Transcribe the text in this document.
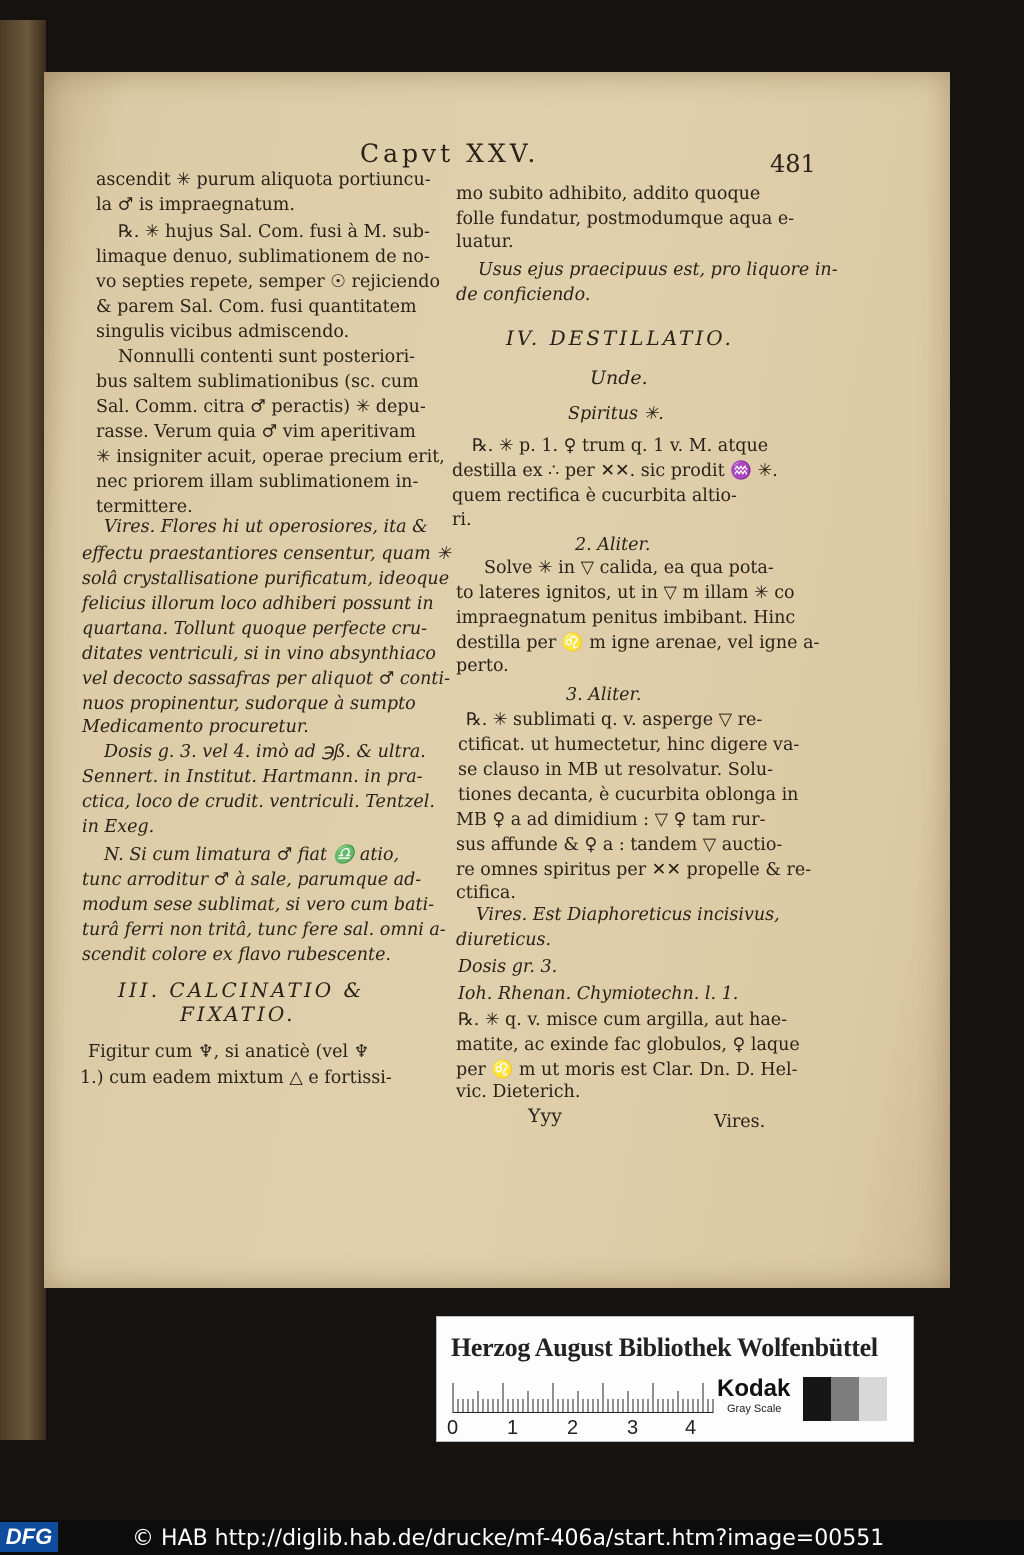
Capvt XXV.	481
ascendit ✳ purum aliquota portiuncu-
la ♂ is impraegnatum.
℞. ✳ hujus Sal. Com. fusi à M. sub-
limaque denuo, sublimationem de no-
vo septies repete, semper ☉ rejiciendo
& parem Sal. Com. fusi quantitatem
singulis vicibus admiscendo.
Nonnulli contenti sunt posteriori-
bus saltem sublimationibus (sc. cum
Sal. Comm. citra ♂ peractis) ✳ depu-
rasse. Verum quia ♂ vim aperitivam
✳ insigniter acuit, operae precium erit,
nec priorem illam sublimationem in-
termittere.
Vires. Flores hi ut operosiores, ita &
effectu praestantiores censentur, quam ✳
solâ crystallisatione purificatum, ideoque
felicius illorum loco adhiberi possunt in
quartana. Tollunt quoque perfecte cru-
ditates ventriculi, si in vino absynthiaco
vel decocto sassafras per aliquot ♂ conti-
nuos propinentur, sudorque à sumpto
Medicamento procuretur.
Dosis g. 3. vel 4. imò ad ℈ß. & ultra.
Sennert. in Institut. Hartmann. in pra-
ctica, loco de crudit. ventriculi. Tentzel.
in Exeg.
N. Si cum limatura ♂ fiat ♎ atio,
tunc arroditur ♂ à sale, parumque ad-
modum sese sublimat, si vero cum bati-
turâ ferri non tritâ, tunc fere sal. omni a-
scendit colore ex flavo rubescente.
III. CALCINATIO &
FIXATIO.
Figitur cum ♆, si anaticè (vel ♆
1.) cum eadem mixtum △ e fortissi-
mo subito adhibito, addito quoque
folle fundatur, postmodumque aqua e-
luatur.
Usus ejus praecipuus est, pro liquore in-
de conficiendo.
IV. DESTILLATIO.
Unde.
Spiritus ✳.
℞. ✳ p. 1. ♀ trum q. 1 v. M. atque
destilla ex ∴ per ✕✕. sic prodit ♒ ✳.
quem rectifica è cucurbita altio-
ri.
2. Aliter.
Solve ✳ in ▽ calida, ea qua pota-
to lateres ignitos, ut in ▽ m illam ✳ co
impraegnatum penitus imbibant. Hinc
destilla per ♌ m igne arenae, vel igne a-
perto.
3. Aliter.
℞. ✳ sublimati q. v. asperge ▽ re-
ctificat. ut humectetur, hinc digere va-
se clauso in MB ut resolvatur. Solu-
tiones decanta, è cucurbita oblonga in
MB ♀ a ad dimidium : ▽ ♀ tam rur-
sus affunde & ♀ a : tandem ▽ auctio-
re omnes spiritus per ✕✕ propelle & re-
ctifica.
Vires. Est Diaphoreticus incisivus,
diureticus.
Dosis gr. 3.
Ioh. Rhenan. Chymiotechn. l. 1.
℞. ✳ q. v. misce cum argilla, aut hae-
matite, ac exinde fac globulos, ♀ laque
per ♌ m ut moris est Clar. Dn. D. Hel-
vic. Dieterich.
Yyy	Vires.
Herzog August Bibliothek Wolfenbüttel
0 1 2 3 4
Kodak
Gray Scale
DFG	© HAB http://diglib.hab.de/drucke/mf-406a/start.htm?image=00551
